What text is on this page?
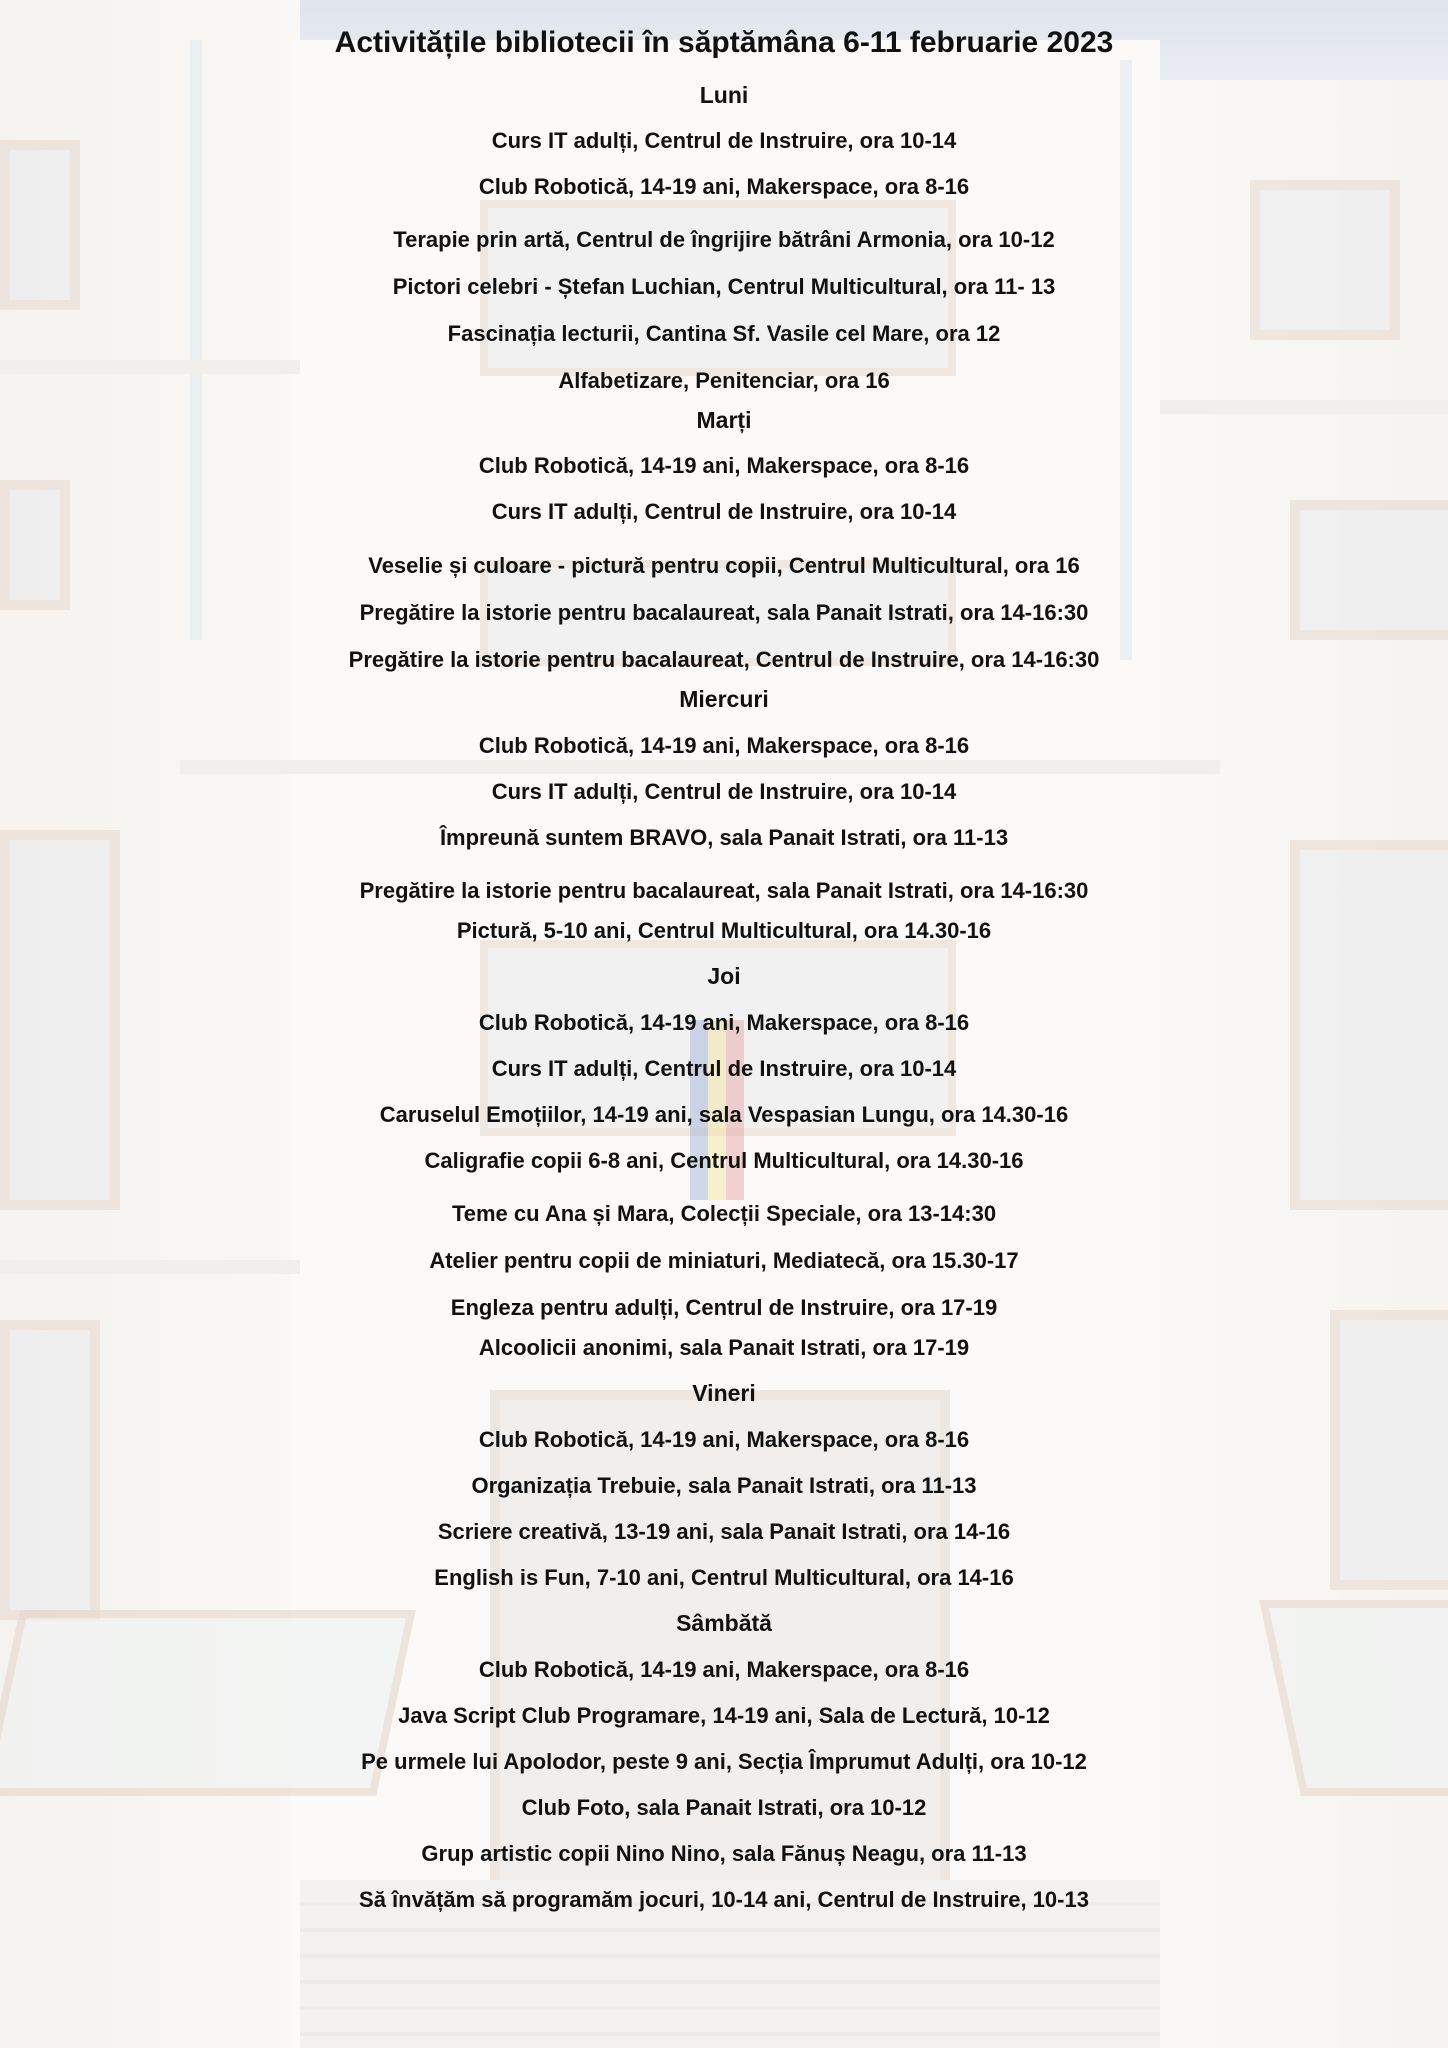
Activitățile bibliotecii în săptămâna 6-11 februarie 2023
Luni
Curs IT adulți, Centrul de Instruire, ora 10-14
Club Robotică, 14-19 ani, Makerspace, ora 8-16
Terapie prin artă, Centrul de îngrijire bătrâni Armonia, ora 10-12
Pictori celebri - Ștefan Luchian, Centrul Multicultural, ora 11- 13
Fascinația lecturii, Cantina Sf. Vasile cel Mare, ora 12
Alfabetizare, Penitenciar, ora 16
Marți
Club Robotică, 14-19 ani, Makerspace, ora 8-16
Curs IT adulți, Centrul de Instruire, ora 10-14
Veselie și culoare - pictură pentru copii, Centrul Multicultural, ora 16
Pregătire la istorie pentru bacalaureat, sala Panait Istrati, ora 14-16:30
Pregătire la istorie pentru bacalaureat, Centrul de Instruire, ora 14-16:30
Miercuri
Club Robotică, 14-19 ani, Makerspace, ora 8-16
Curs IT adulți, Centrul de Instruire, ora 10-14
Împreună suntem BRAVO, sala Panait Istrati, ora 11-13
Pregătire la istorie pentru bacalaureat, sala Panait Istrati, ora 14-16:30
Pictură, 5-10 ani, Centrul Multicultural, ora 14.30-16
Joi
Club Robotică, 14-19 ani, Makerspace, ora 8-16
Curs IT adulți, Centrul de Instruire, ora 10-14
Caruselul Emoțiilor, 14-19 ani, sala Vespasian Lungu, ora 14.30-16
Caligrafie copii 6-8 ani, Centrul Multicultural, ora 14.30-16
Teme cu Ana și Mara, Colecții Speciale, ora 13-14:30
Atelier pentru copii de miniaturi, Mediatecă, ora 15.30-17
Engleza pentru adulți, Centrul de Instruire, ora 17-19
Alcoolicii anonimi, sala Panait Istrati, ora 17-19
Vineri
Club Robotică, 14-19 ani, Makerspace, ora 8-16
Organizația Trebuie, sala Panait Istrati, ora 11-13
Scriere creativă, 13-19 ani, sala Panait Istrati, ora 14-16
English is Fun, 7-10 ani, Centrul Multicultural, ora 14-16
Sâmbătă
Club Robotică, 14-19 ani, Makerspace, ora 8-16
Java Script Club Programare, 14-19 ani, Sala de Lectură, 10-12
Pe urmele lui Apolodor, peste 9 ani, Secția Împrumut Adulți, ora 10-12
Club Foto, sala Panait Istrati, ora 10-12
Grup artistic copii Nino Nino, sala Fănuș Neagu, ora 11-13
Să învățăm să programăm jocuri, 10-14 ani, Centrul de Instruire, 10-13
